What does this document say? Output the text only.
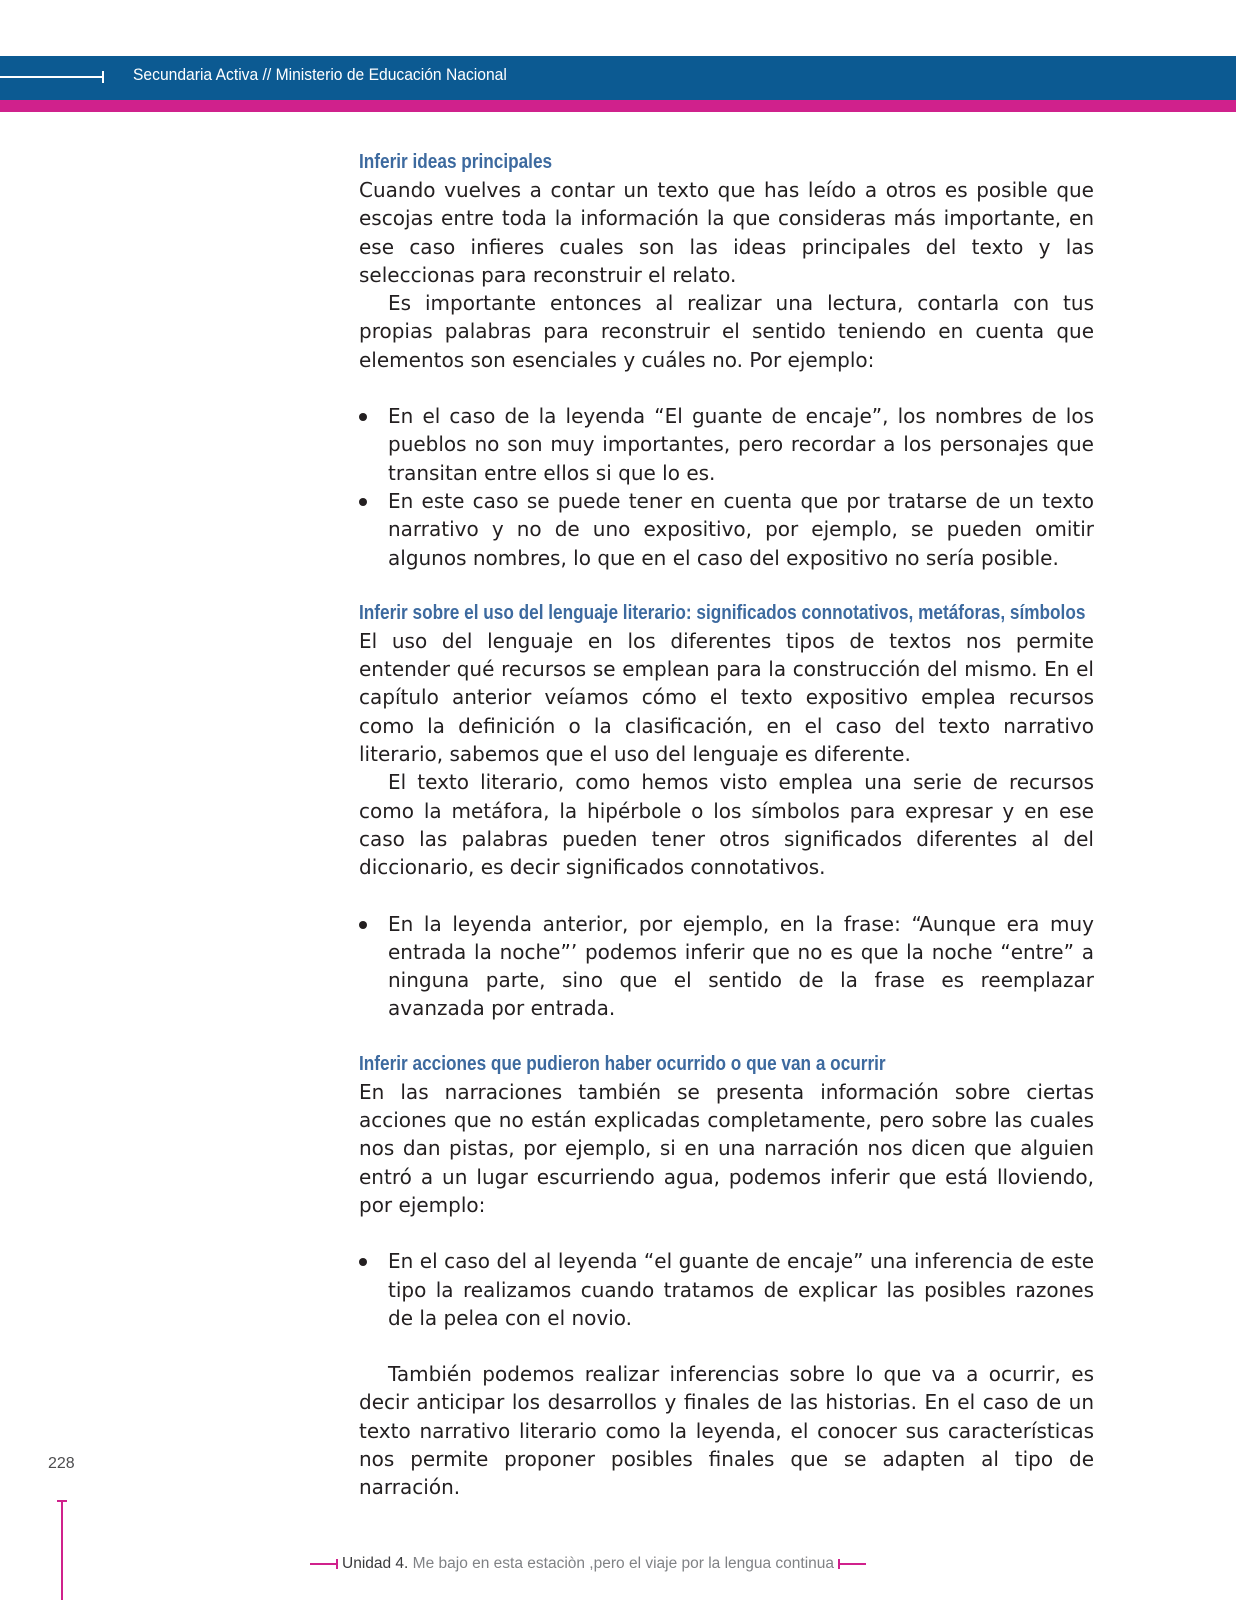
Secundaria Activa // Ministerio de Educación Nacional
Inferir ideas principales

Cuando vuelves a contar un texto que has leído a otros es posible que escojas entre toda la información la que consideras más importante, en ese caso infieres cuales son las ideas principales del texto y las seleccionas para reconstruir el relato.

Es importante entonces al realizar una lectura, contarla con tus propias palabras para reconstruir el sentido teniendo en cuenta que elementos son esenciales y cuáles no. Por ejemplo:

En el caso de la leyenda “El guante de encaje”, los nombres de los pueblos no son muy importantes, pero recordar a los personajes que transitan entre ellos si que lo es.
En este caso se puede tener en cuenta que por tratarse de un texto narrativo y no de uno expositivo, por ejemplo, se pueden omitir algunos nombres, lo que en el caso del expositivo no sería posible.
Inferir sobre el uso del lenguaje literario: significados connotativos, metáforas, símbolos

El uso del lenguaje en los diferentes tipos de textos nos permite entender qué recursos se emplean para la construcción del mismo. En el capítulo anterior veíamos cómo el texto expositivo emplea recursos como la definición o la clasificación, en el caso del texto narrativo literario, sabemos que el uso del lenguaje es diferente.

El texto literario, como hemos visto emplea una serie de recursos como la metáfora, la hipérbole o los símbolos para expresar y en ese caso las palabras pueden tener otros significados diferentes al del diccionario, es decir significados connotativos.

En la leyenda anterior, por ejemplo, en la frase: “Aunque era muy entrada la noche”’ podemos inferir que no es que la noche “entre” a ninguna parte, sino que el sentido de la frase es reemplazar avanzada por entrada.
Inferir acciones que pudieron haber ocurrido o que van a ocurrir

En las narraciones también se presenta información sobre ciertas acciones que no están explicadas completamente, pero sobre las cuales nos dan pistas, por ejemplo, si en una narración nos dicen que alguien entró a un lugar escurriendo agua, podemos inferir que está lloviendo, por ejemplo:

En el caso del al leyenda “el guante de encaje” una inferencia de este tipo la realizamos cuando tratamos de explicar las posibles razones de la pelea con el novio.

También podemos realizar inferencias sobre lo que va a ocurrir, es decir anticipar los desarrollos y finales de las historias. En el caso de un texto narrativo literario como la leyenda, el conocer sus características nos permite proponer posibles finales que se adapten al tipo de narración.

228
Unidad 4. Me bajo en esta estaciòn ,pero el viaje por la lengua continua
